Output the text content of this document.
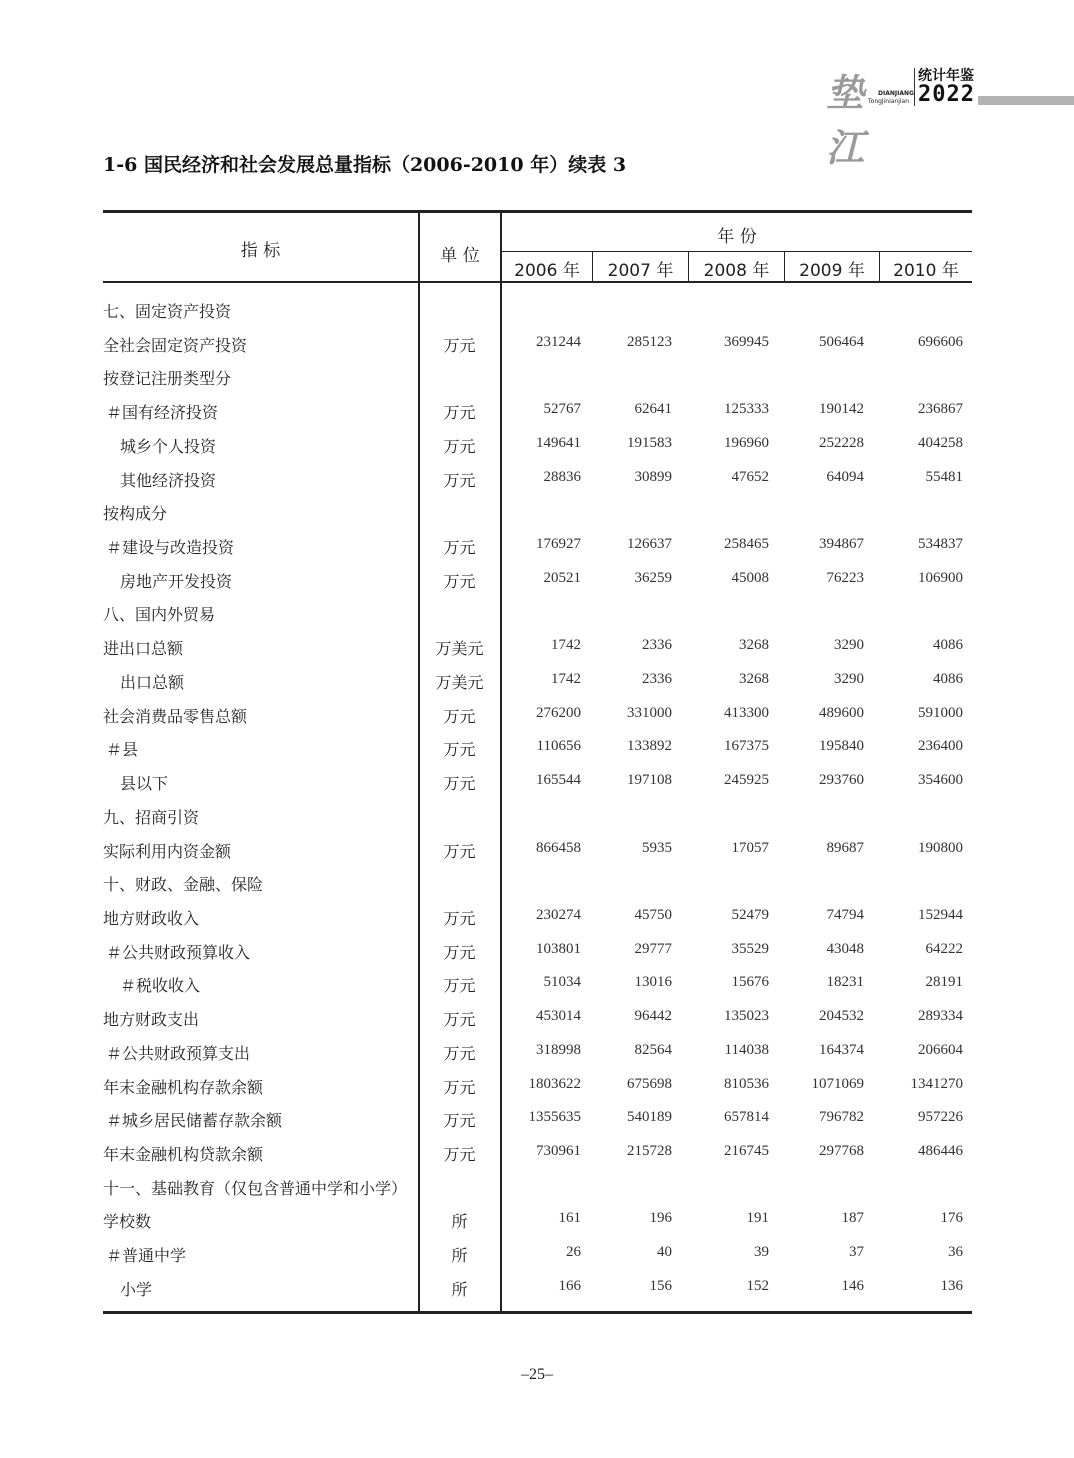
垫江
DIANJIANG
Tongjinianjian
统计年鉴
2022
1-6 国民经济和社会发展总量指标（2006-2010 年）续表 3
指 标	单 位
年 份
2006 年	2007 年	2008 年	2009 年	2010 年
七、固定资产投资
全社会固定资产投资	万元	231244	285123	369945	506464	696606
按登记注册类型分
＃国有经济投资	万元	52767	62641	125333	190142	236867
城乡个人投资	万元	149641	191583	196960	252228	404258
其他经济投资	万元	28836	30899	47652	64094	55481
按构成分
＃建设与改造投资	万元	176927	126637	258465	394867	534837
房地产开发投资	万元	20521	36259	45008	76223	106900
八、国内外贸易
进出口总额	万美元	1742	2336	3268	3290	4086
出口总额	万美元	1742	2336	3268	3290	4086
社会消费品零售总额	万元	276200	331000	413300	489600	591000
＃县	万元	110656	133892	167375	195840	236400
县以下	万元	165544	197108	245925	293760	354600
九、招商引资
实际利用内资金额	万元	866458	5935	17057	89687	190800
十、财政、金融、保险
地方财政收入	万元	230274	45750	52479	74794	152944
＃公共财政预算收入	万元	103801	29777	35529	43048	64222
＃税收收入	万元	51034	13016	15676	18231	28191
地方财政支出	万元	453014	96442	135023	204532	289334
＃公共财政预算支出	万元	318998	82564	114038	164374	206604
年末金融机构存款余额	万元	1803622	675698	810536	1071069	1341270
＃城乡居民储蓄存款余额	万元	1355635	540189	657814	796782	957226
年末金融机构贷款余额	万元	730961	215728	216745	297768	486446
十一、基础教育（仅包含普通中学和小学）
学校数	所	161	196	191	187	176
＃普通中学	所	26	40	39	37	36
小学	所	166	156	152	146	136
–25–
